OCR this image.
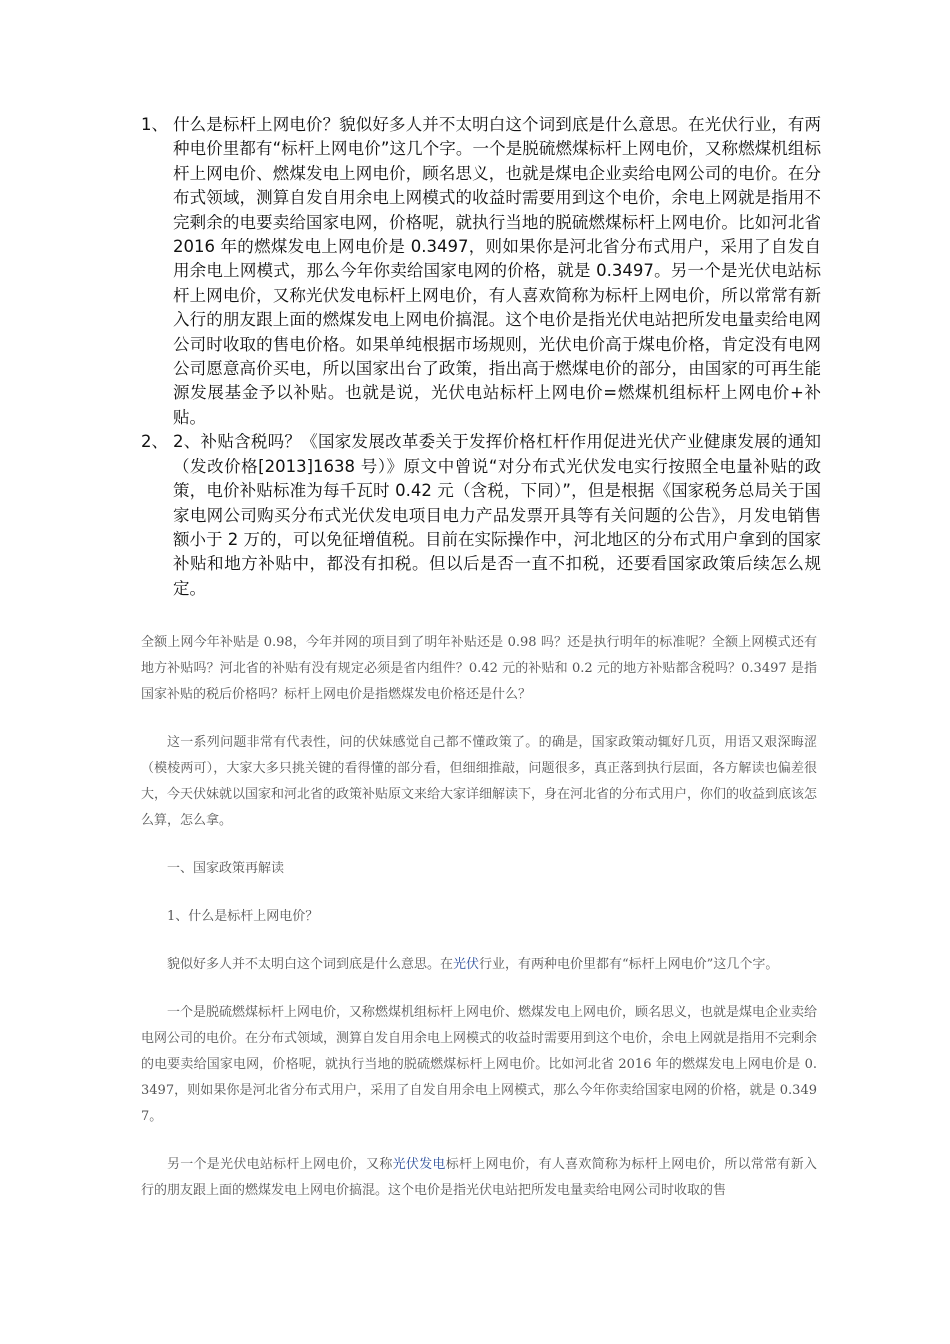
1、 什么是标杆上网电价？貌似好多人并不太明白这个词到底是什么意思。在光伏行业，有两种电价里都有“标杆上网电价”这几个字。一个是脱硫燃煤标杆上网电价，又称燃煤机组标杆上网电价、燃煤发电上网电价，顾名思义，也就是煤电企业卖给电网公司的电价。在分布式领域，测算自发自用余电上网模式的收益时需要用到这个电价，余电上网就是指用不完剩余的电要卖给国家电网，价格呢，就执行当地的脱硫燃煤标杆上网电价。比如河北省 2016 年的燃煤发电上网电价是 0.3497，则如果你是河北省分布式用户，采用了自发自用余电上网模式，那么今年你卖给国家电网的价格，就是 0.3497。另一个是光伏电站标杆上网电价，又称光伏发电标杆上网电价，有人喜欢简称为标杆上网电价，所以常常有新入行的朋友跟上面的燃煤发电上网电价搞混。这个电价是指光伏电站把所发电量卖给电网公司时收取的售电价格。如果单纯根据市场规则，光伏电价高于煤电价格，肯定没有电网公司愿意高价买电，所以国家出台了政策，指出高于燃煤电价的部分，由国家的可再生能源发展基金予以补贴。也就是说，光伏电站标杆上网电价=燃煤机组标杆上网电价+补贴。
2、 2、补贴含税吗？《国家发展改革委关于发挥价格杠杆作用促进光伏产业健康发展的通知（发改价格[2013]1638 号）》原文中曾说“对分布式光伏发电实行按照全电量补贴的政策，电价补贴标准为每千瓦时 0.42 元（含税，下同）”，但是根据《国家税务总局关于国家电网公司购买分布式光伏发电项目电力产品发票开具等有关问题的公告》，月发电销售额小于 2 万的，可以免征增值税。目前在实际操作中，河北地区的分布式用户拿到的国家补贴和地方补贴中，都没有扣税。但以后是否一直不扣税，还要看国家政策后续怎么规定。

全额上网今年补贴是 0.98，今年并网的项目到了明年补贴还是 0.98 吗？还是执行明年的标准呢？全额上网模式还有地方补贴吗？河北省的补贴有没有规定必须是省内组件？0.42 元的补贴和 0.2 元的地方补贴都含税吗？0.3497 是指国家补贴的税后价格吗？标杆上网电价是指燃煤发电价格还是什么？

这一系列问题非常有代表性，问的伏妹感觉自己都不懂政策了。的确是，国家政策动辄好几页，用语又艰深晦涩（模棱两可），大家大多只挑关键的看得懂的部分看，但细细推敲，问题很多，真正落到执行层面，各方解读也偏差很大，今天伏妹就以国家和河北省的政策补贴原文来给大家详细解读下，身在河北省的分布式用户，你们的收益到底该怎么算，怎么拿。

一、国家政策再解读

1、什么是标杆上网电价？

貌似好多人并不太明白这个词到底是什么意思。在光伏行业，有两种电价里都有“标杆上网电价”这几个字。

一个是脱硫燃煤标杆上网电价，又称燃煤机组标杆上网电价、燃煤发电上网电价，顾名思义，也就是煤电企业卖给电网公司的电价。在分布式领域，测算自发自用余电上网模式的收益时需要用到这个电价，余电上网就是指用不完剩余的电要卖给国家电网，价格呢，就执行当地的脱硫燃煤标杆上网电价。比如河北省 2016 年的燃煤发电上网电价是 0.3497，则如果你是河北省分布式用户，采用了自发自用余电上网模式，那么今年你卖给国家电网的价格，就是 0.3497。

另一个是光伏电站标杆上网电价，又称光伏发电标杆上网电价，有人喜欢简称为标杆上网电价，所以常常有新入行的朋友跟上面的燃煤发电上网电价搞混。这个电价是指光伏电站把所发电量卖给电网公司时收取的售
